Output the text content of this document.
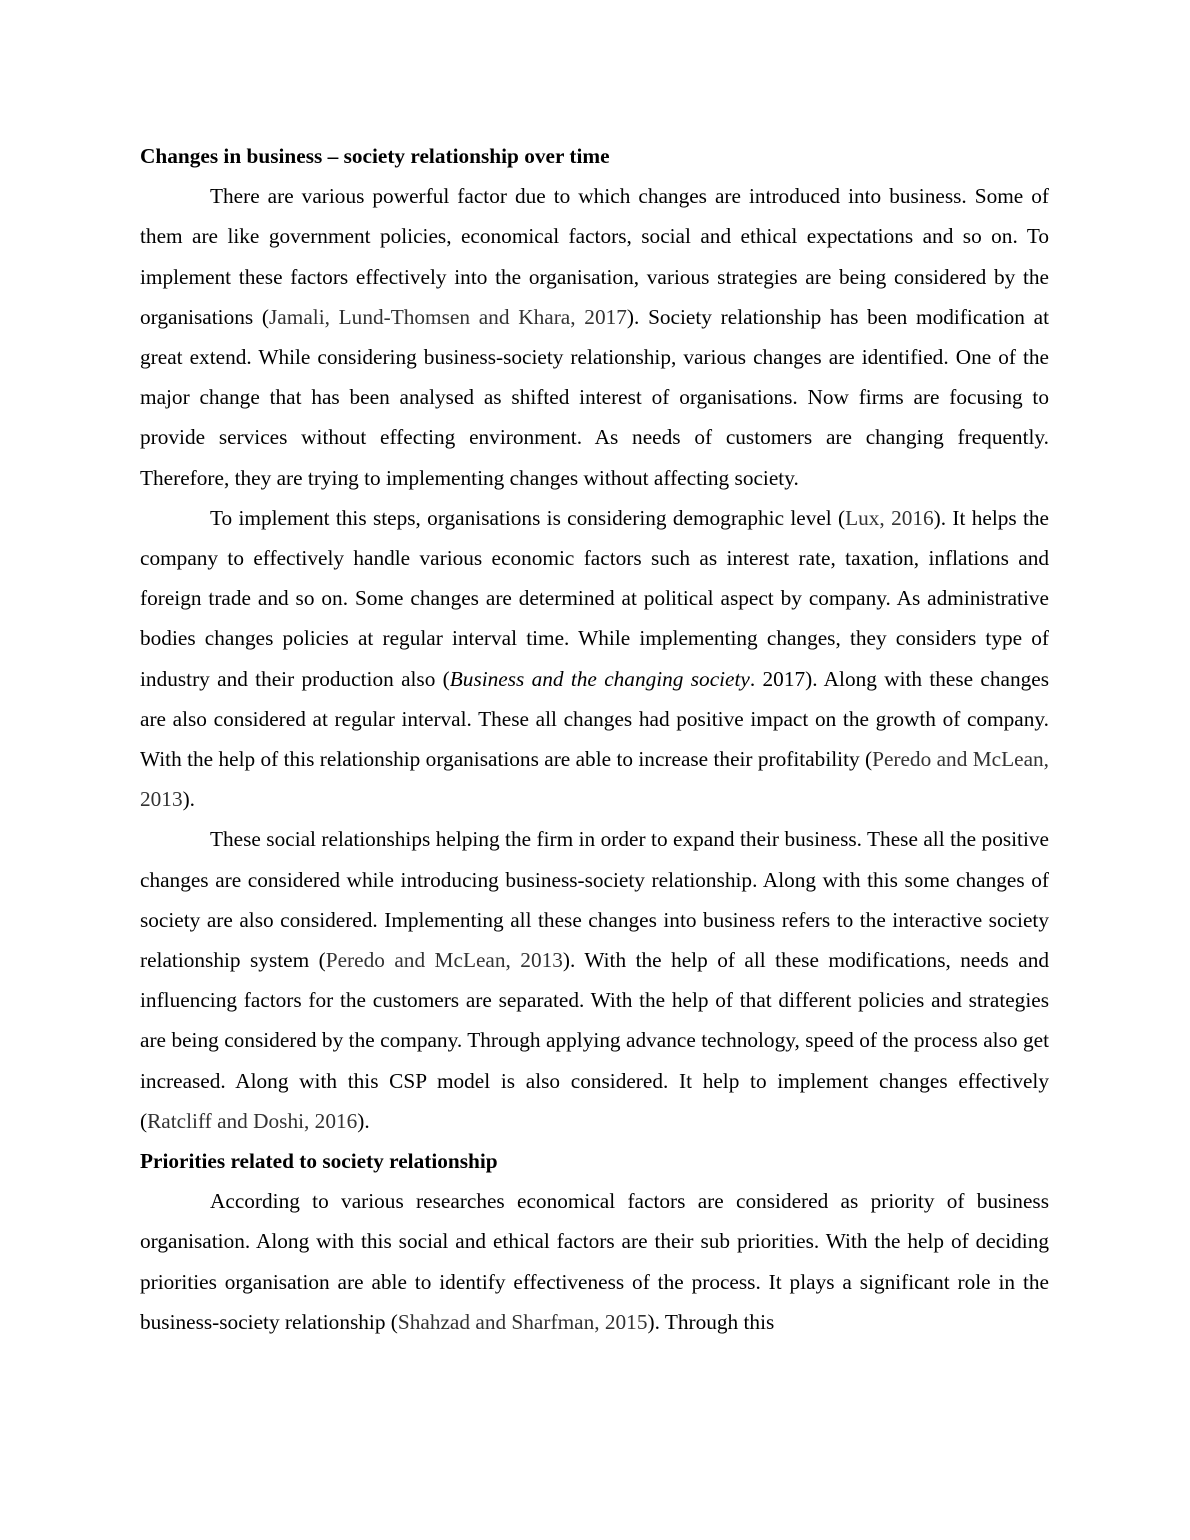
Changes in business – society relationship over time

There are various powerful factor due to which changes are introduced into business. Some of them are like government policies, economical factors, social and ethical expectations and so on. To implement these factors effectively into the organisation, various strategies are being considered by the organisations (Jamali, Lund-Thomsen and Khara, 2017). Society relationship has been modification at great extend. While considering business-society relationship, various changes are identified. One of the major change that has been analysed as shifted interest of organisations. Now firms are focusing to provide services without effecting environment. As needs of customers are changing frequently. Therefore, they are trying to implementing changes without affecting society.

To implement this steps, organisations is considering demographic level (Lux, 2016). It helps the company to effectively handle various economic factors such as interest rate, taxation, inflations and foreign trade and so on. Some changes are determined at political aspect by company. As administrative bodies changes policies at regular interval time. While implementing changes, they considers type of industry and their production also (Business and the changing society. 2017). Along with these changes are also considered at regular interval. These all changes had positive impact on the growth of company. With the help of this relationship organisations are able to increase their profitability (Peredo and McLean, 2013).

These social relationships helping the firm in order to expand their business. These all the positive changes are considered while introducing business-society relationship. Along with this some changes of society are also considered. Implementing all these changes into business refers to the interactive society relationship system (Peredo and McLean, 2013). With the help of all these modifications, needs and influencing factors for the customers are separated. With the help of that different policies and strategies are being considered by the company. Through applying advance technology, speed of the process also get increased. Along with this CSP model is also considered. It help to implement changes effectively (Ratcliff and Doshi, 2016).

Priorities related to society relationship

According to various researches economical factors are considered as priority of business organisation. Along with this social and ethical factors are their sub priorities. With the help of deciding priorities organisation are able to identify effectiveness of the process. It plays a significant role in the business-society relationship (Shahzad and Sharfman, 2015). Through this
